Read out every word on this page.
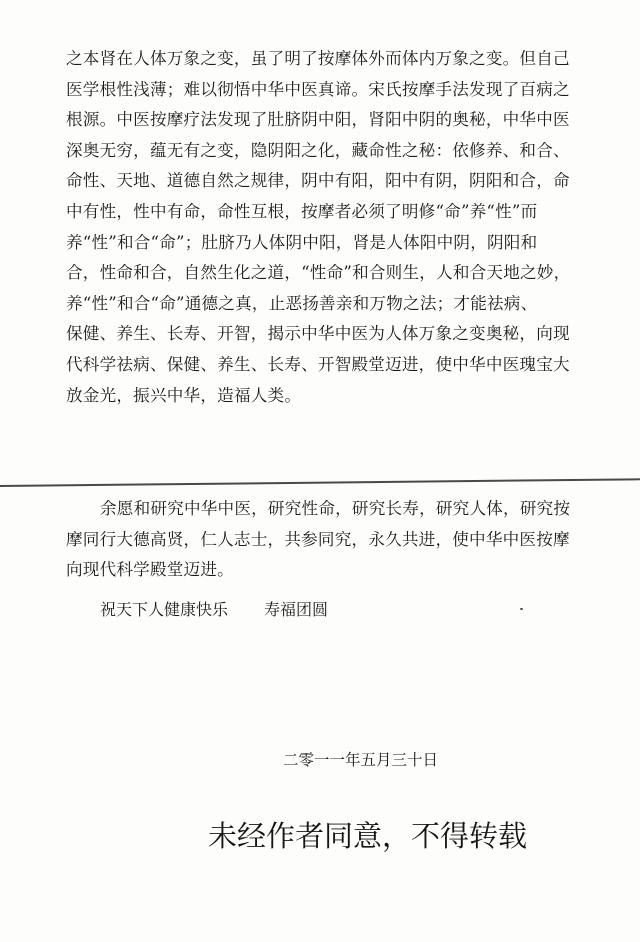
之本肾在人体万象之变，虽了明了按摩体外而体内万象之变。但自己
医学根性浅薄；难以彻悟中华中医真谛。宋氏按摩手法发现了百病之
根源。中医按摩疗法发现了肚脐阴中阳，肾阳中阴的奥秘，中华中医
深奥无穷，蕴无有之变，隐阴阳之化，藏命性之秘：依修养、和合、
命性、天地、道德自然之规律，阴中有阳，阳中有阴，阴阳和合，命
中有性，性中有命，命性互根，按摩者必须了明修“命”养“性”而
养“性”和合“命”；肚脐乃人体阴中阳，肾是人体阳中阴，阴阳和
合，性命和合，自然生化之道，“性命”和合则生，人和合天地之妙，
养“性”和合“命”通德之真，止恶扬善亲和万物之法；才能祛病、
保健、养生、长寿、开智，揭示中华中医为人体万象之变奥秘，向现
代科学祛病、保健、养生、长寿、开智殿堂迈进，使中华中医瑰宝大
放金光，振兴中华，造福人类。
余愿和研究中华中医，研究性命，研究长寿，研究人体，研究按
摩同行大德高贤，仁人志士，共参同究，永久共进，使中华中医按摩
向现代科学殿堂迈进。
祝天下人健康快乐 寿福团圆
二零一一年五月三十日
未经作者同意，不得转载
